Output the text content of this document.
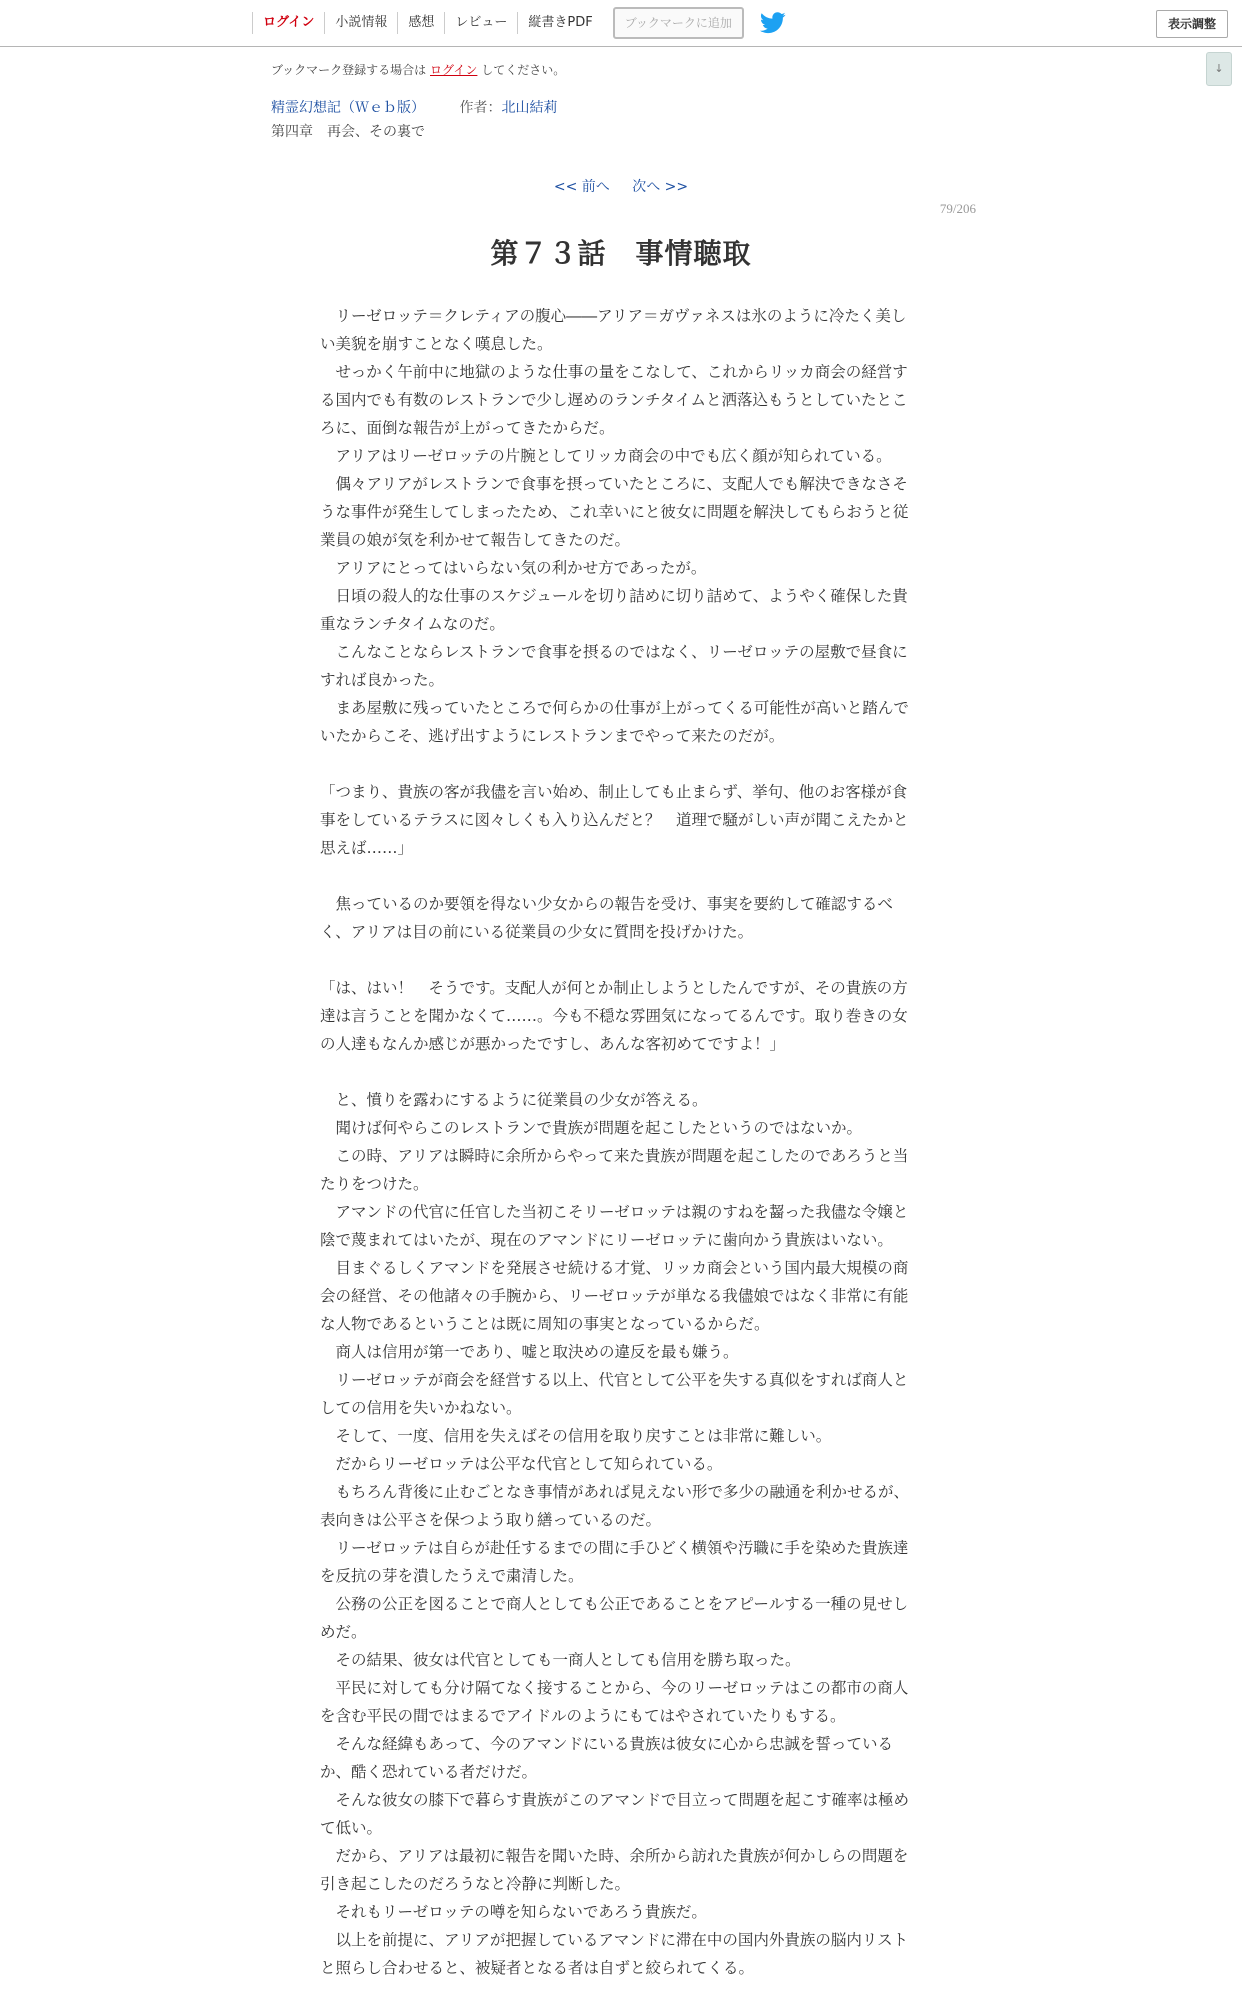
ログイン	小説情報	感想	レビュー	縦書きPDF	ブックマークに追加	表示調整
↓
ブックマーク登録する場合は ログイン してください。
精霊幻想記（Ｗｅｂ版） 作者：北山結莉
第四章　再会、その裏で
<< 前へ 次へ >>
79/206
第７３話　事情聴取

　リーゼロッテ＝クレティアの腹心――アリア＝ガヴァネスは氷のように冷たく美しい美貌を崩すことなく嘆息した。

　せっかく午前中に地獄のような仕事の量をこなして、これからリッカ商会の経営する国内でも有数のレストランで少し遅めのランチタイムと洒落込もうとしていたところに、面倒な報告が上がってきたからだ。

　アリアはリーゼロッテの片腕としてリッカ商会の中でも広く顔が知られている。

　偶々アリアがレストランで食事を摂っていたところに、支配人でも解決できなさそうな事件が発生してしまったため、これ幸いにと彼女に問題を解決してもらおうと従業員の娘が気を利かせて報告してきたのだ。

　アリアにとってはいらない気の利かせ方であったが。

　日頃の殺人的な仕事のスケジュールを切り詰めに切り詰めて、ようやく確保した貴重なランチタイムなのだ。

　こんなことならレストランで食事を摂るのではなく、リーゼロッテの屋敷で昼食にすれば良かった。

　まあ屋敷に残っていたところで何らかの仕事が上がってくる可能性が高いと踏んでいたからこそ、逃げ出すようにレストランまでやって来たのだが。

「つまり、貴族の客が我儘を言い始め、制止しても止まらず、挙句、他のお客様が食事をしているテラスに図々しくも入り込んだと？　道理で騒がしい声が聞こえたかと思えば……」

　焦っているのか要領を得ない少女からの報告を受け、事実を要約して確認するべく、アリアは目の前にいる従業員の少女に質問を投げかけた。

「は、はい！　そうです。支配人が何とか制止しようとしたんですが、その貴族の方達は言うことを聞かなくて……。今も不穏な雰囲気になってるんです。取り巻きの女の人達もなんか感じが悪かったですし、あんな客初めてですよ！」

　と、憤りを露わにするように従業員の少女が答える。

　聞けば何やらこのレストランで貴族が問題を起こしたというのではないか。

　この時、アリアは瞬時に余所からやって来た貴族が問題を起こしたのであろうと当たりをつけた。

　アマンドの代官に任官した当初こそリーゼロッテは親のすねを齧った我儘な令嬢と陰で蔑まれてはいたが、現在のアマンドにリーゼロッテに歯向かう貴族はいない。

　目まぐるしくアマンドを発展させ続ける才覚、リッカ商会という国内最大規模の商会の経営、その他諸々の手腕から、リーゼロッテが単なる我儘娘ではなく非常に有能な人物であるということは既に周知の事実となっているからだ。

　商人は信用が第一であり、嘘と取決めの違反を最も嫌う。

　リーゼロッテが商会を経営する以上、代官として公平を失する真似をすれば商人としての信用を失いかねない。

　そして、一度、信用を失えばその信用を取り戻すことは非常に難しい。

　だからリーゼロッテは公平な代官として知られている。

　もちろん背後に止むごとなき事情があれば見えない形で多少の融通を利かせるが、表向きは公平さを保つよう取り繕っているのだ。

　リーゼロッテは自らが赴任するまでの間に手ひどく横領や汚職に手を染めた貴族達を反抗の芽を潰したうえで粛清した。

　公務の公正を図ることで商人としても公正であることをアピールする一種の見せしめだ。

　その結果、彼女は代官としても一商人としても信用を勝ち取った。

　平民に対しても分け隔てなく接することから、今のリーゼロッテはこの都市の商人を含む平民の間ではまるでアイドルのようにもてはやされていたりもする。

　そんな経緯もあって、今のアマンドにいる貴族は彼女に心から忠誠を誓っているか、酷く恐れている者だけだ。

　そんな彼女の膝下で暮らす貴族がこのアマンドで目立って問題を起こす確率は極めて低い。

　だから、アリアは最初に報告を聞いた時、余所から訪れた貴族が何かしらの問題を引き起こしたのだろうなと冷静に判断した。

　それもリーゼロッテの噂を知らないであろう貴族だ。

　以上を前提に、アリアが把握しているアマンドに滞在中の国内外貴族の脳内リストと照らし合わせると、被疑者となる者は自ずと絞られてくる。
